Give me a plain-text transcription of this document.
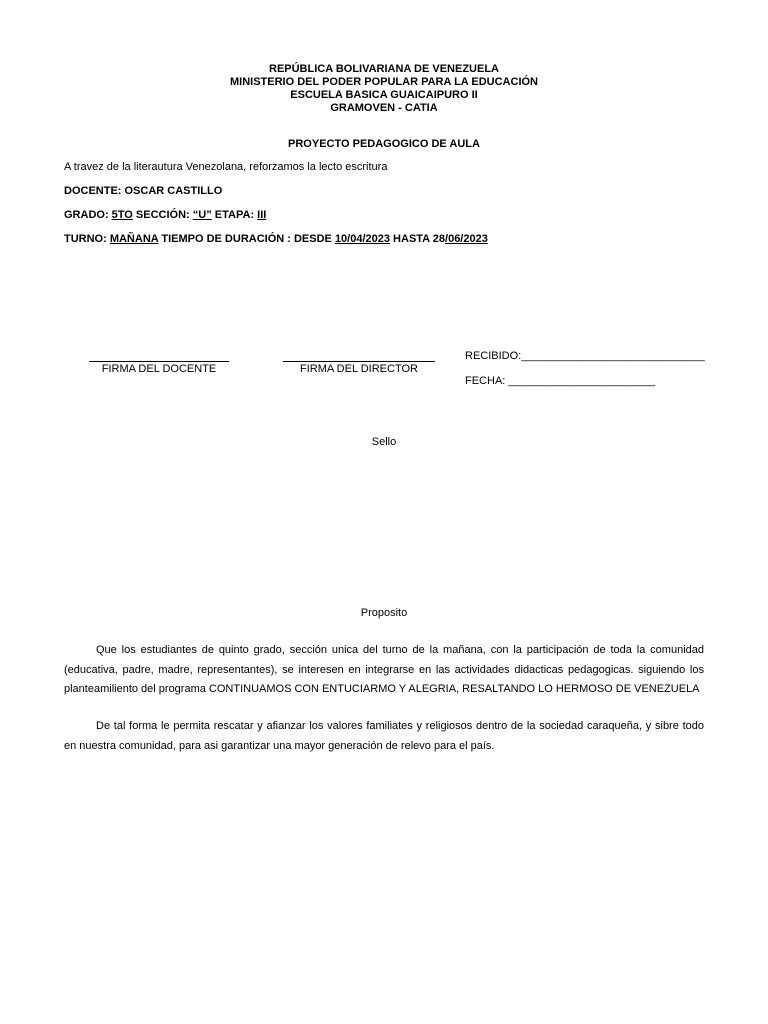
REPÚBLICA BOLIVARIANA DE VENEZUELA
MINISTERIO DEL PODER POPULAR PARA LA EDUCACIÓN
ESCUELA BASICA GUAICAIPURO II
GRAMOVEN - CATIA
PROYECTO PEDAGOGICO DE AULA
A travez de la literautura Venezolana, reforzamos la lecto escritura
DOCENTE: OSCAR CASTILLO
GRADO: 5TO SECCIÓN: “U” ETAPA: III
TURNO: MAÑANA TIEMPO DE DURACIÓN : DESDE 10/04/2023 HASTA 28/06/2023
FIRMA DEL DOCENTE	FIRMA DEL DIRECTOR
RECIBIDO:______________________________
FECHA: ________________________
Sello
Proposito
Que los estudiantes de quinto grado, sección unica del turno de la mañana, con la participación de toda la comunidad (educativa, padre, madre, representantes), se interesen en integrarse en las actividades didacticas pedagogicas. siguiendo los planteamiliento del programa CONTINUAMOS CON ENTUCIARMO Y ALEGRIA, RESALTANDO LO HERMOSO DE VENEZUELA
De tal forma le permita rescatar y afianzar los valores familiates y religiosos dentro de la sociedad caraqueña, y sibre todo en nuestra comunidad, para asi garantizar una mayor generación de relevo para el país.
